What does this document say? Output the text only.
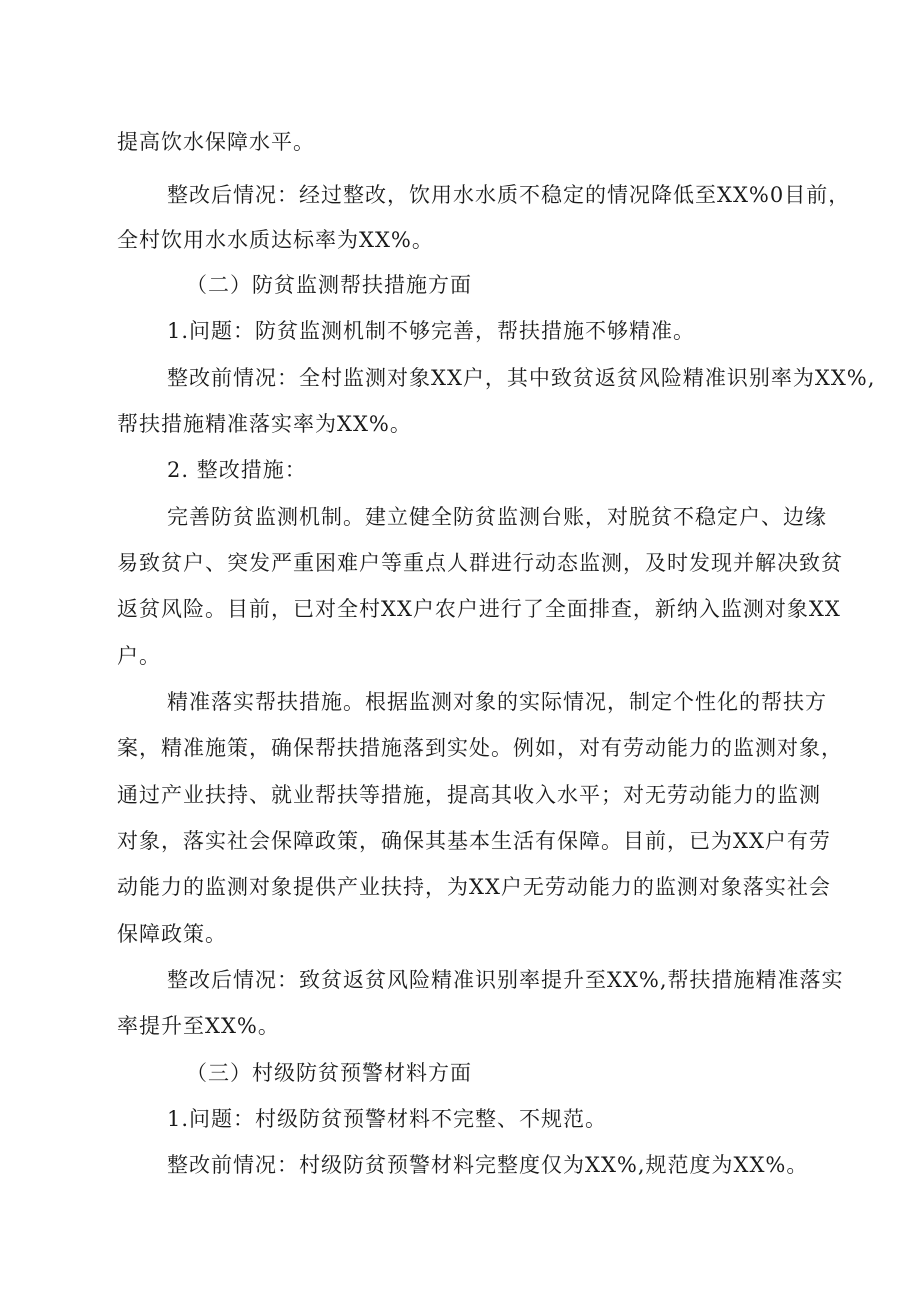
提高饮水保障水平。
整改后情况：经过整改，饮用水水质不稳定的情况降低至XX%0目前，
全村饮用水水质达标率为XX%。
（二）防贫监测帮扶措施方面
1.问题：防贫监测机制不够完善，帮扶措施不够精准。
整改前情况：全村监测对象XX户，其中致贫返贫风险精准识别率为XX%,
帮扶措施精准落实率为XX%。
2. 整改措施：
完善防贫监测机制。建立健全防贫监测台账，对脱贫不稳定户、边缘
易致贫户、突发严重困难户等重点人群进行动态监测，及时发现并解决致贫
返贫风险。目前，已对全村XX户农户进行了全面排查，新纳入监测对象XX
户。
精准落实帮扶措施。根据监测对象的实际情况，制定个性化的帮扶方
案，精准施策，确保帮扶措施落到实处。例如，对有劳动能力的监测对象，
通过产业扶持、就业帮扶等措施，提高其收入水平；对无劳动能力的监测
对象，落实社会保障政策，确保其基本生活有保障。目前，已为XX户有劳
动能力的监测对象提供产业扶持，为XX户无劳动能力的监测对象落实社会
保障政策。
整改后情况：致贫返贫风险精准识别率提升至XX%,帮扶措施精准落实
率提升至XX%。
（三）村级防贫预警材料方面
1.问题：村级防贫预警材料不完整、不规范。
整改前情况：村级防贫预警材料完整度仅为XX%,规范度为XX%。
